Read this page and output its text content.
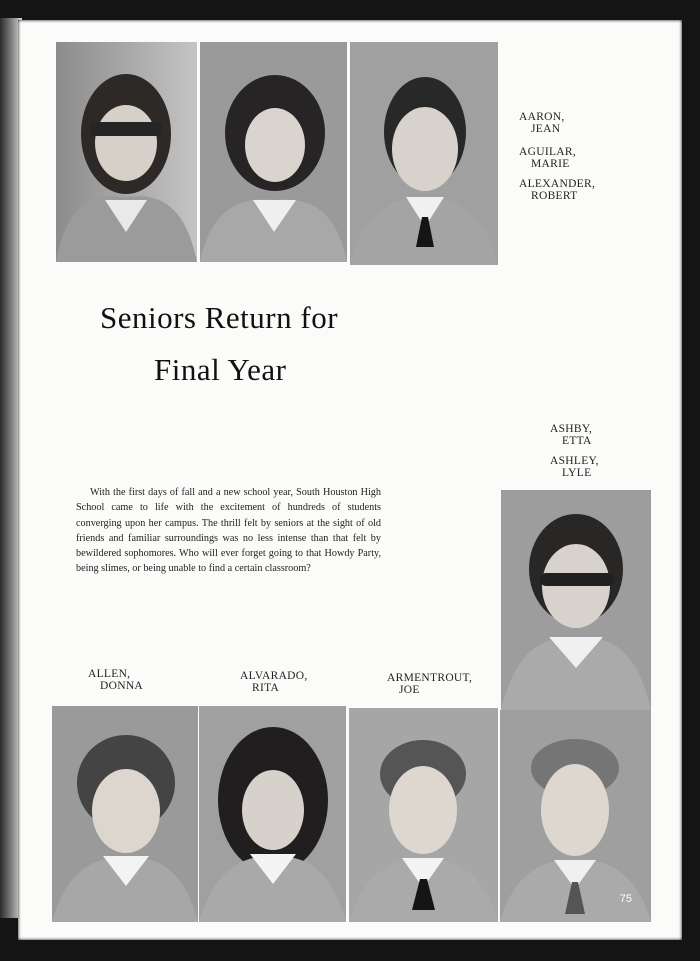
AARON,
JEAN
AGUILAR,
MARIE
ALEXANDER,
ROBERT
Seniors Return for
Final Year
ASHBY,
ETTA
ASHLEY,
LYLE

With the first days of fall and a new school year, South Houston High School came to life with the excitement of hundreds of students converging upon her campus. The thrill felt by seniors at the sight of old friends and familiar surroundings was no less intense than that felt by bewildered sophomores. Who will ever forget going to that Howdy Party, being slimes, or being unable to find a certain classroom?

ALLEN,
DONNA
ALVARADO,
RITA
ARMENTROUT,
JOE
75
